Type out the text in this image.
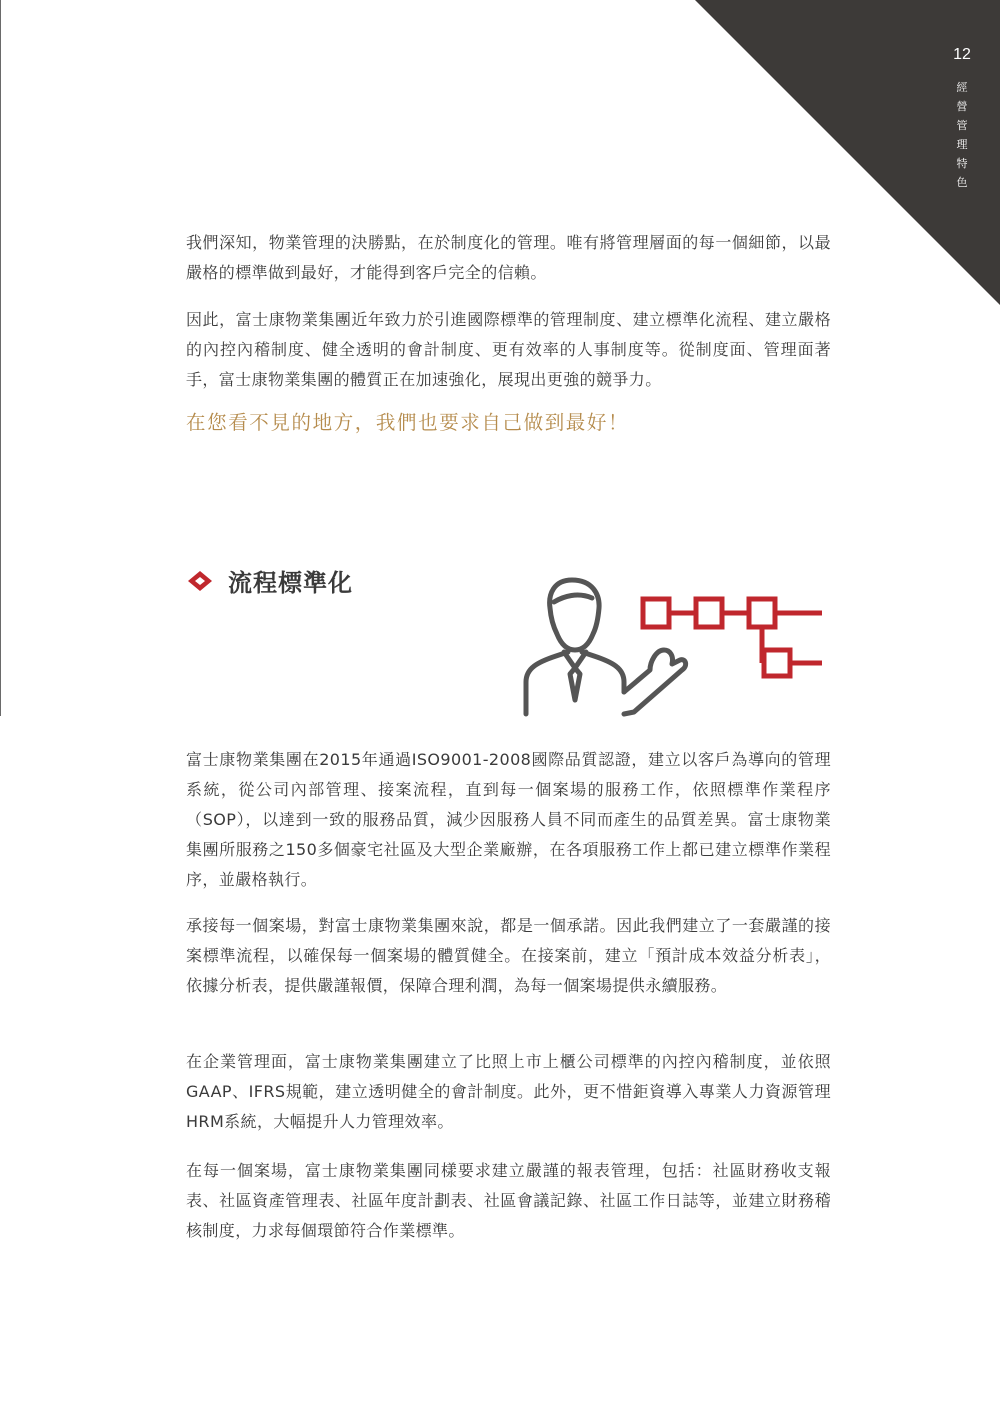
12
經
營
管
理
特
色

我們深知，物業管理的決勝點，在於制度化的管理。唯有將管理層面的每一個細節，以最嚴格的標準做到最好，才能得到客戶完全的信賴。

因此，富士康物業集團近年致力於引進國際標準的管理制度、建立標準化流程、建立嚴格的內控內稽制度、健全透明的會計制度、更有效率的人事制度等。從制度面、管理面著手，富士康物業集團的體質正在加速強化，展現出更強的競爭力。

在您看不見的地方，我們也要求自己做到最好！

流程標準化

富士康物業集團在2015年通過ISO9001-2008國際品質認證，建立以客戶為導向的管理系統，從公司內部管理、接案流程，直到每一個案場的服務工作，依照標準作業程序（SOP），以達到一致的服務品質，減少因服務人員不同而產生的品質差異。富士康物業集團所服務之150多個豪宅社區及大型企業廠辦，在各項服務工作上都已建立標準作業程序，並嚴格執行。

承接每一個案場，對富士康物業集團來說，都是一個承諾。因此我們建立了一套嚴謹的接案標準流程，以確保每一個案場的體質健全。在接案前，建立「預計成本效益分析表」，依據分析表，提供嚴謹報價，保障合理利潤，為每一個案場提供永續服務。

在企業管理面，富士康物業集團建立了比照上市上櫃公司標準的內控內稽制度，並依照GAAP、IFRS規範，建立透明健全的會計制度。此外，更不惜鉅資導入專業人力資源管理HRM系統，大幅提升人力管理效率。

在每一個案場，富士康物業集團同樣要求建立嚴謹的報表管理，包括：社區財務收支報表、社區資產管理表、社區年度計劃表、社區會議記錄、社區工作日誌等，並建立財務稽核制度，力求每個環節符合作業標準。
